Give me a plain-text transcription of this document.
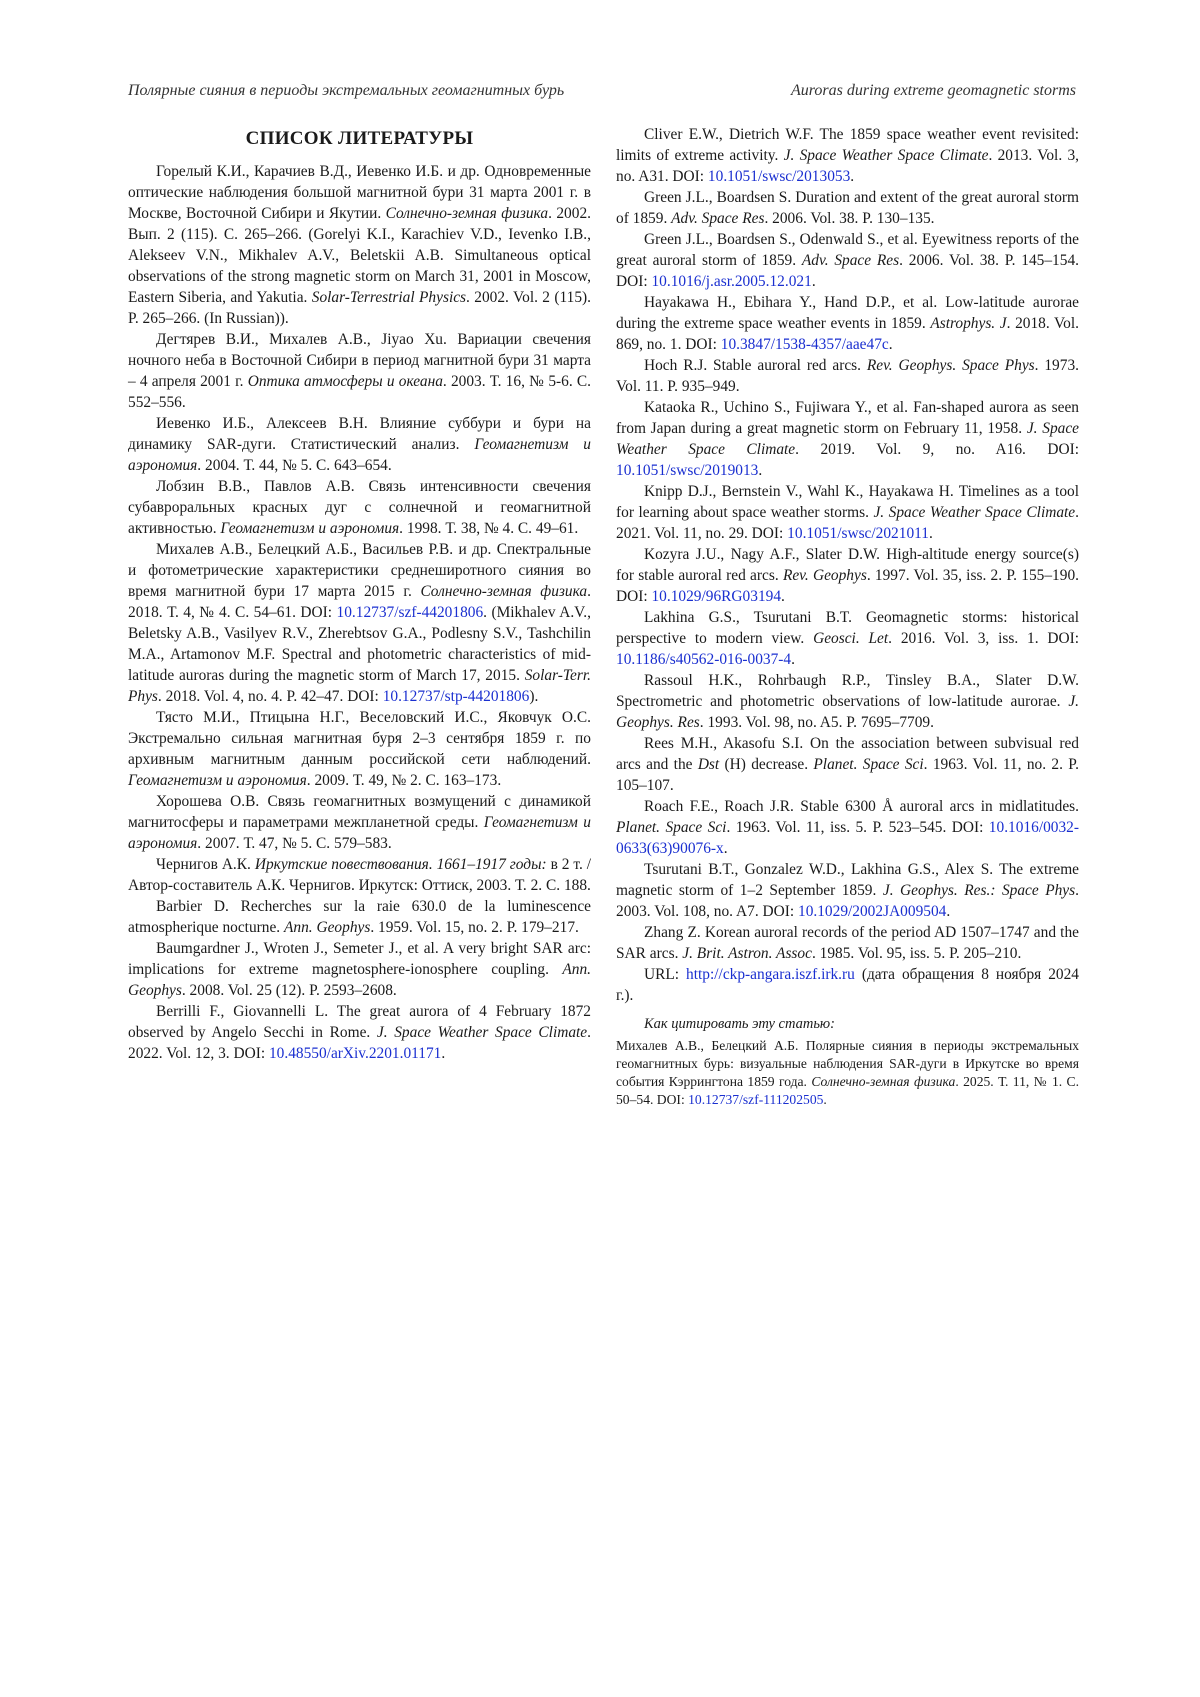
Полярные сияния в периоды экстремальных геомагнитных бурь	Auroras during extreme geomagnetic storms
СПИСОК ЛИТЕРАТУРЫ

Горелый К.И., Карачиев В.Д., Иевенко И.Б. и др. Одновременные оптические наблюдения большой магнитной бури 31 марта 2001 г. в Москве, Восточной Сибири и Якутии. Солнечно-земная физика. 2002. Вып. 2 (115). С. 265–266. (Gorelyi K.I., Karachiev V.D., Ievenko I.B., Alekseev V.N., Mikhalev A.V., Beletskii A.B. Simultaneous optical observations of the strong magnetic storm on March 31, 2001 in Moscow, Eastern Siberia, and Yakutia. Solar-Terrestrial Physics. 2002. Vol. 2 (115). P. 265–266. (In Russian)).

Дегтярев В.И., Михалев А.В., Jiyao Xu. Вариации свечения ночного неба в Восточной Сибири в период магнитной бури 31 марта – 4 апреля 2001 г. Оптика атмосферы и океана. 2003. Т. 16, № 5-6. С. 552–556.

Иевенко И.Б., Алексеев В.Н. Влияние суббури и бури на динамику SAR-дуги. Статистический анализ. Геомагнетизм и аэрономия. 2004. Т. 44, № 5. С. 643–654.

Лобзин В.В., Павлов А.В. Связь интенсивности свечения субавроральных красных дуг с солнечной и геомагнитной активностью. Геомагнетизм и аэрономия. 1998. Т. 38, № 4. С. 49–61.

Михалев А.В., Белецкий А.Б., Васильев Р.В. и др. Спектральные и фотометрические характеристики среднеширотного сияния во время магнитной бури 17 марта 2015 г. Солнечно-земная физика. 2018. Т. 4, № 4. С. 54–61. DOI: 10.12737/szf-44201806. (Mikhalev A.V., Beletsky A.B., Vasilyev R.V., Zherebtsov G.A., Podlesny S.V., Tashchilin M.A., Artamonov M.F. Spectral and photometric characteristics of mid-latitude auroras during the magnetic storm of March 17, 2015. Solar-Terr. Phys. 2018. Vol. 4, no. 4. P. 42–47. DOI: 10.12737/stp-44201806).

Тясто М.И., Птицына Н.Г., Веселовский И.С., Яковчук О.С. Экстремально сильная магнитная буря 2–3 сентября 1859 г. по архивным магнитным данным российской сети наблюдений. Геомагнетизм и аэрономия. 2009. Т. 49, № 2. С. 163–173.

Хорошева О.В. Связь геомагнитных возмущений с динамикой магнитосферы и параметрами межпланетной среды. Геомагнетизм и аэрономия. 2007. Т. 47, № 5. С. 579–583.

Чернигов А.К. Иркутские повествования. 1661–1917 годы: в 2 т. / Автор-составитель А.К. Чернигов. Иркутск: Оттиск, 2003. Т. 2. С. 188.

Barbier D. Recherches sur la raie 630.0 de la luminescence atmospherique nocturne. Ann. Geophys. 1959. Vol. 15, no. 2. P. 179–217.

Baumgardner J., Wroten J., Semeter J., et al. A very bright SAR arc: implications for extreme magnetosphere-ionosphere coupling. Ann. Geophys. 2008. Vol. 25 (12). P. 2593–2608.

Berrilli F., Giovannelli L. The great aurora of 4 February 1872 observed by Angelo Secchi in Rome. J. Space Weather Space Climate. 2022. Vol. 12, 3. DOI: 10.48550/arXiv.2201.01171.

Cliver E.W., Dietrich W.F. The 1859 space weather event revisited: limits of extreme activity. J. Space Weather Space Climate. 2013. Vol. 3, no. A31. DOI: 10.1051/swsc/2013053.

Green J.L., Boardsen S. Duration and extent of the great auroral storm of 1859. Adv. Space Res. 2006. Vol. 38. P. 130–135.

Green J.L., Boardsen S., Odenwald S., et al. Eyewitness reports of the great auroral storm of 1859. Adv. Space Res. 2006. Vol. 38. P. 145–154. DOI: 10.1016/j.asr.2005.12.021.

Hayakawa H., Ebihara Y., Hand D.P., et al. Low-latitude aurorae during the extreme space weather events in 1859. Astrophys. J. 2018. Vol. 869, no. 1. DOI: 10.3847/1538-4357/aae47c.

Hoch R.J. Stable auroral red arcs. Rev. Geophys. Space Phys. 1973. Vol. 11. P. 935–949.

Kataoka R., Uchino S., Fujiwara Y., et al. Fan-shaped aurora as seen from Japan during a great magnetic storm on February 11, 1958. J. Space Weather Space Climate. 2019. Vol. 9, no. A16. DOI: 10.1051/swsc/2019013.

Knipp D.J., Bernstein V., Wahl K., Hayakawa H. Timelines as a tool for learning about space weather storms. J. Space Weather Space Climate. 2021. Vol. 11, no. 29. DOI: 10.1051/swsc/2021011.

Kozyra J.U., Nagy A.F., Slater D.W. High-altitude energy source(s) for stable auroral red arcs. Rev. Geophys. 1997. Vol. 35, iss. 2. P. 155–190. DOI: 10.1029/96RG03194.

Lakhina G.S., Tsurutani B.T. Geomagnetic storms: historical perspective to modern view. Geosci. Let. 2016. Vol. 3, iss. 1. DOI: 10.1186/s40562-016-0037-4.

Rassoul H.K., Rohrbaugh R.P., Tinsley B.A., Slater D.W. Spectrometric and photometric observations of low-latitude aurorae. J. Geophys. Res. 1993. Vol. 98, no. A5. P. 7695–7709.

Rees M.H., Akasofu S.I. On the association between subvisual red arcs and the Dst (H) decrease. Planet. Space Sci. 1963. Vol. 11, no. 2. P. 105–107.

Roach F.E., Roach J.R. Stable 6300 Å auroral arcs in midlatitudes. Planet. Space Sci. 1963. Vol. 11, iss. 5. P. 523–545. DOI: 10.1016/0032-0633(63)90076-x.

Tsurutani B.T., Gonzalez W.D., Lakhina G.S., Alex S. The extreme magnetic storm of 1–2 September 1859. J. Geophys. Res.: Space Phys. 2003. Vol. 108, no. A7. DOI: 10.1029/2002JA009504.

Zhang Z. Korean auroral records of the period AD 1507–1747 and the SAR arcs. J. Brit. Astron. Assoc. 1985. Vol. 95, iss. 5. P. 205–210.

URL: http://ckp-angara.iszf.irk.ru (дата обращения 8 ноября 2024 г.).

Как цитировать эту статью:

Михалев А.В., Белецкий А.Б. Полярные сияния в периоды экстремальных геомагнитных бурь: визуальные наблюдения SAR-дуги в Иркутске во время события Кэррингтона 1859 года. Солнечно-земная физика. 2025. Т. 11, № 1. С. 50–54. DOI: 10.12737/szf-111202505.
